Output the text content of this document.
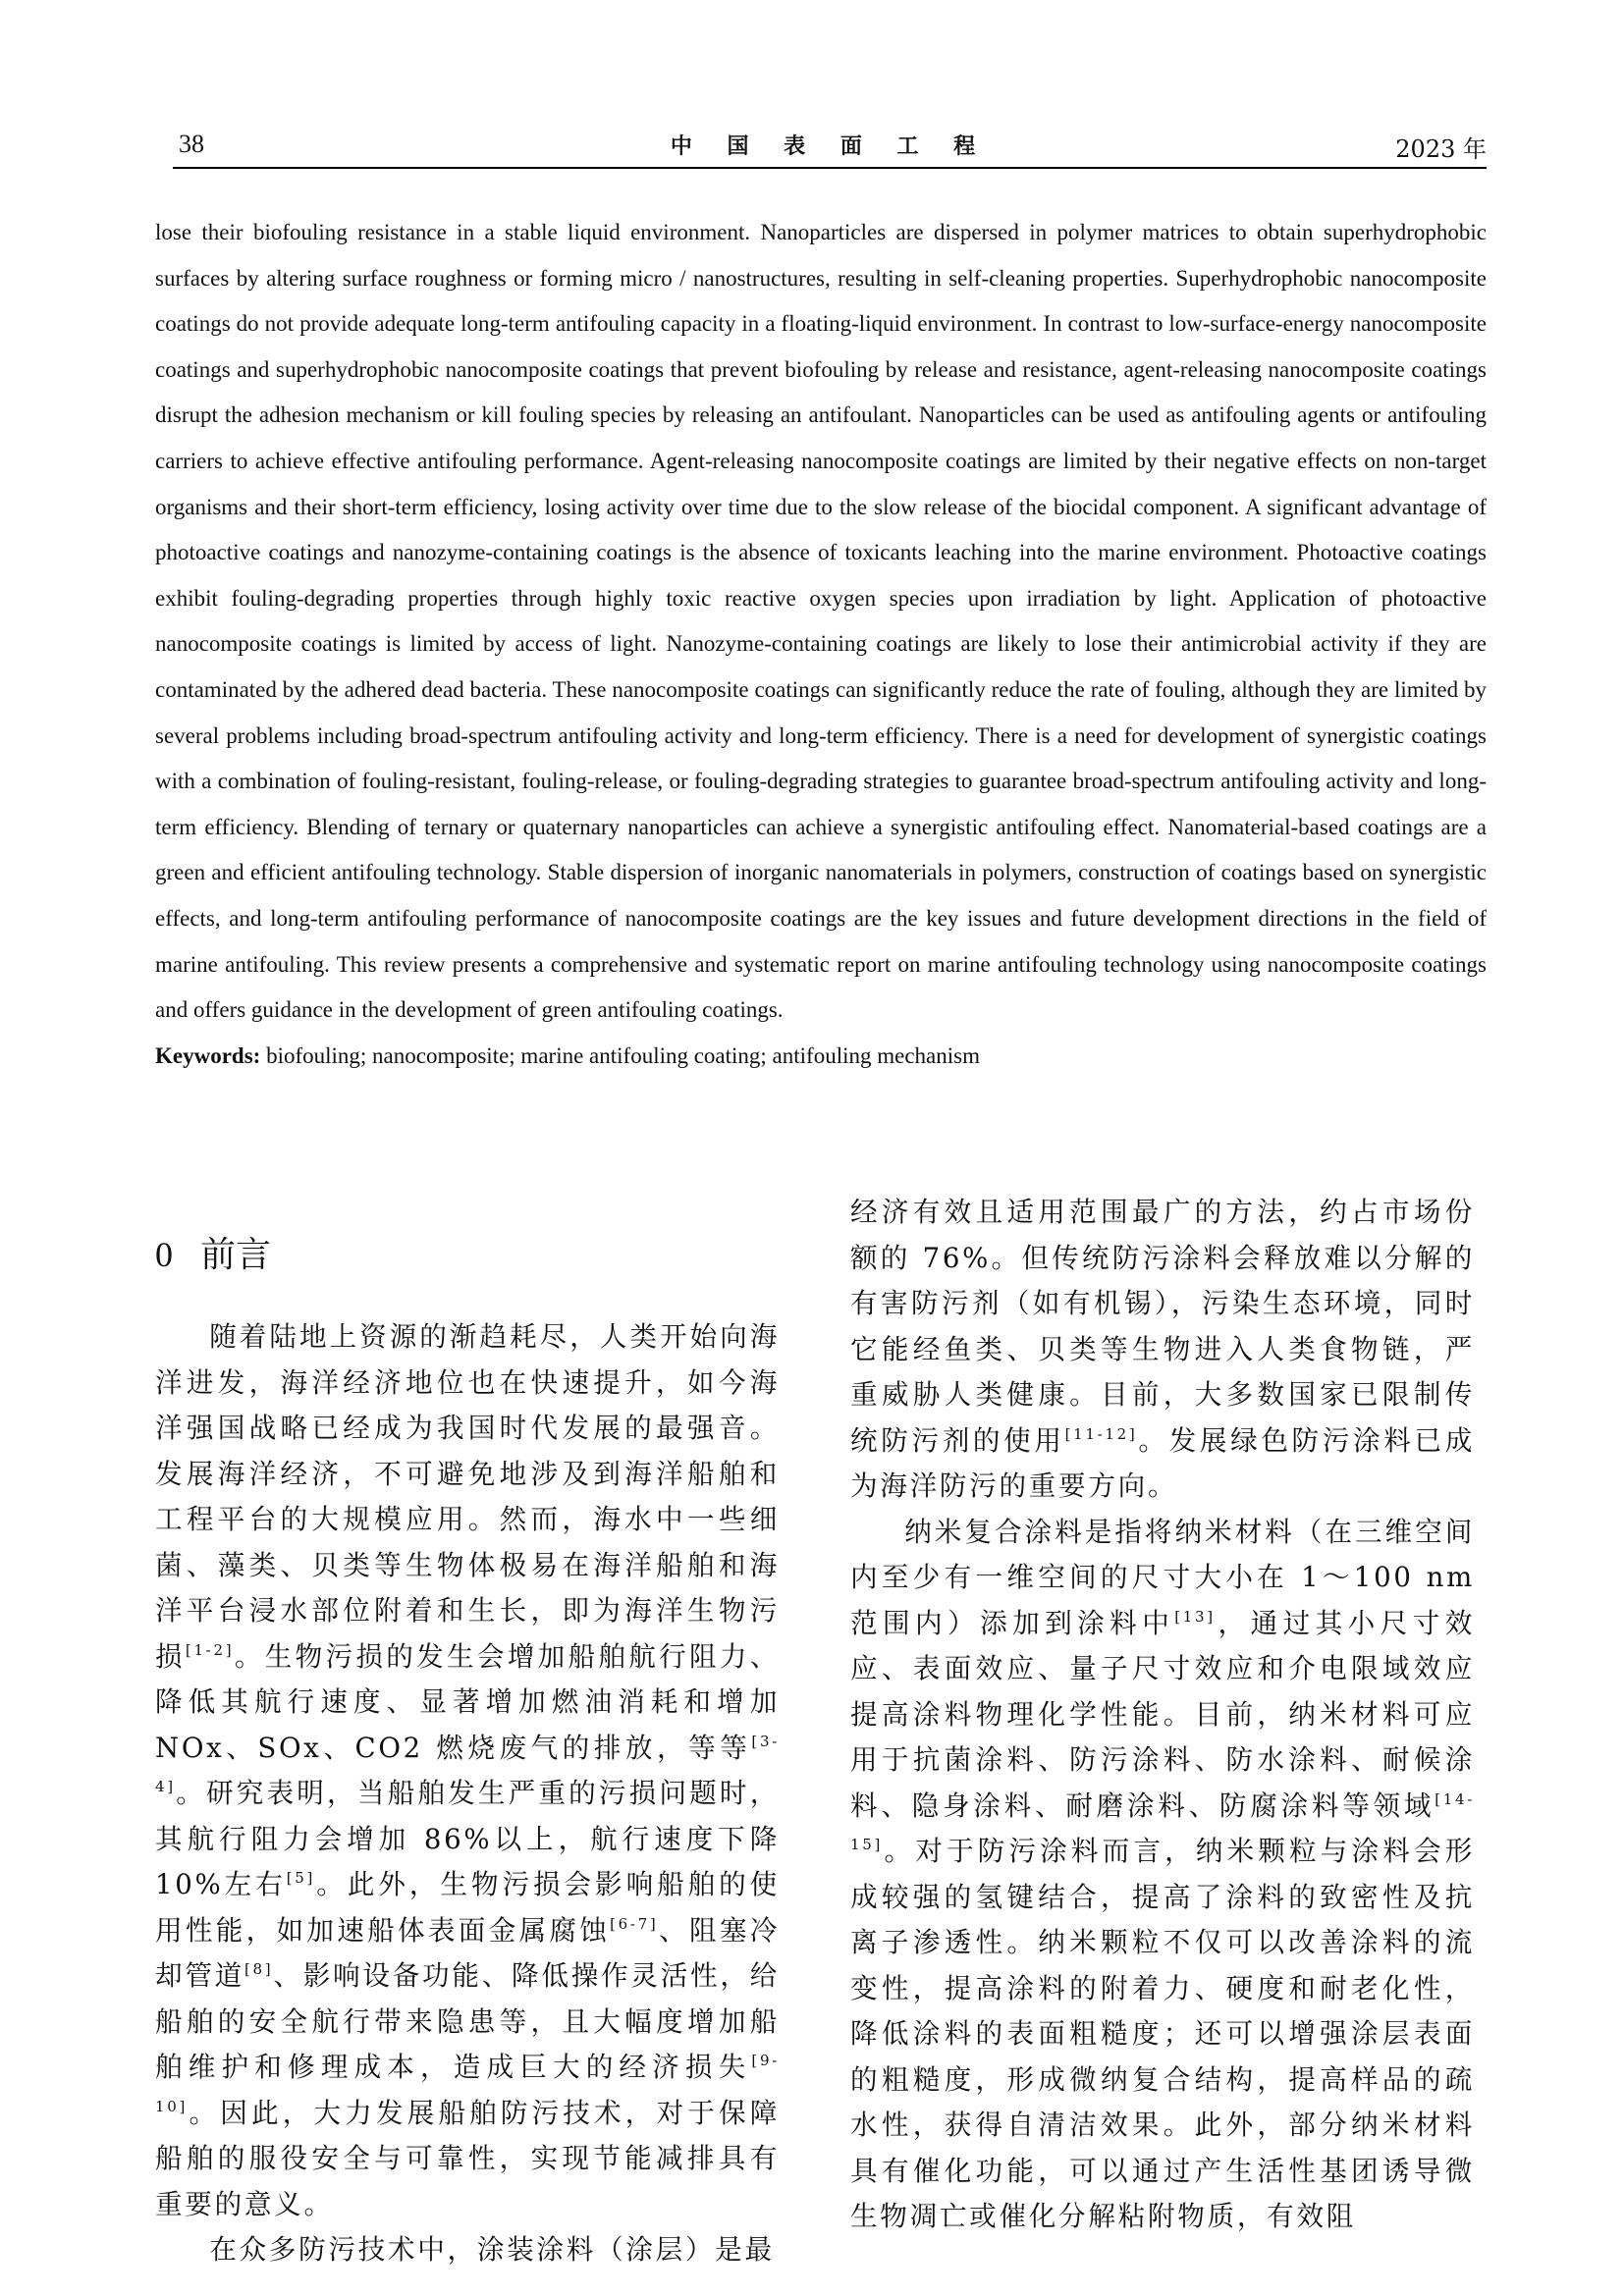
38	中 国 表 面 工 程	2023 年

lose their biofouling resistance in a stable liquid environment. Nanoparticles are dispersed in polymer matrices to obtain superhydrophobic surfaces by altering surface roughness or forming micro / nanostructures, resulting in self-cleaning properties. Superhydrophobic nanocomposite coatings do not provide adequate long-term antifouling capacity in a floating-liquid environment. In contrast to low-surface-energy nanocomposite coatings and superhydrophobic nanocomposite coatings that prevent biofouling by release and resistance, agent-releasing nanocomposite coatings disrupt the adhesion mechanism or kill fouling species by releasing an antifoulant. Nanoparticles can be used as antifouling agents or antifouling carriers to achieve effective antifouling performance. Agent-releasing nanocomposite coatings are limited by their negative effects on non-target organisms and their short-term efficiency, losing activity over time due to the slow release of the biocidal component. A significant advantage of photoactive coatings and nanozyme-containing coatings is the absence of toxicants leaching into the marine environment. Photoactive coatings exhibit fouling-degrading properties through highly toxic reactive oxygen species upon irradiation by light. Application of photoactive nanocomposite coatings is limited by access of light. Nanozyme-containing coatings are likely to lose their antimicrobial activity if they are contaminated by the adhered dead bacteria. These nanocomposite coatings can significantly reduce the rate of fouling, although they are limited by several problems including broad-spectrum antifouling activity and long-term efficiency. There is a need for development of synergistic coatings with a combination of fouling-resistant, fouling-release, or fouling-degrading strategies to guarantee broad-spectrum antifouling activity and long-term efficiency. Blending of ternary or quaternary nanoparticles can achieve a synergistic antifouling effect. Nanomaterial-based coatings are a green and efficient antifouling technology. Stable dispersion of inorganic nanomaterials in polymers, construction of coatings based on synergistic effects, and long-term antifouling performance of nanocomposite coatings are the key issues and future development directions in the field of marine antifouling. This review presents a comprehensive and systematic report on marine antifouling technology using nanocomposite coatings and offers guidance in the development of green antifouling coatings.

Keywords: biofouling; nanocomposite; marine antifouling coating; antifouling mechanism

0 前言

随着陆地上资源的渐趋耗尽，人类开始向海洋进发，海洋经济地位也在快速提升，如今海洋强国战略已经成为我国时代发展的最强音。发展海洋经济，不可避免地涉及到海洋船舶和工程平台的大规模应用。然而，海水中一些细菌、藻类、贝类等生物体极易在海洋船舶和海洋平台浸水部位附着和生长，即为海洋生物污损[1-2]。生物污损的发生会增加船舶航行阻力、降低其航行速度、显著增加燃油消耗和增加 NOx、SOx、CO2 燃烧废气的排放，等等[3-4]。研究表明，当船舶发生严重的污损问题时，其航行阻力会增加 86%以上，航行速度下降 10%左右[5]。此外，生物污损会影响船舶的使用性能，如加速船体表面金属腐蚀[6-7]、阻塞冷却管道[8]、影响设备功能、降低操作灵活性，给船舶的安全航行带来隐患等，且大幅度增加船舶维护和修理成本，造成巨大的经济损失[9-10]。因此，大力发展船舶防污技术，对于保障船舶的服役安全与可靠性，实现节能减排具有重要的意义。

在众多防污技术中，涂装涂料（涂层）是最

经济有效且适用范围最广的方法，约占市场份额的 76%。但传统防污涂料会释放难以分解的有害防污剂（如有机锡），污染生态环境，同时它能经鱼类、贝类等生物进入人类食物链，严重威胁人类健康。目前，大多数国家已限制传统防污剂的使用[11-12]。发展绿色防污涂料已成为海洋防污的重要方向。

纳米复合涂料是指将纳米材料（在三维空间内至少有一维空间的尺寸大小在 1～100 nm 范围内）添加到涂料中[13]，通过其小尺寸效应、表面效应、量子尺寸效应和介电限域效应提高涂料物理化学性能。目前，纳米材料可应用于抗菌涂料、防污涂料、防水涂料、耐候涂料、隐身涂料、耐磨涂料、防腐涂料等领域[14-15]。对于防污涂料而言，纳米颗粒与涂料会形成较强的氢键结合，提高了涂料的致密性及抗离子渗透性。纳米颗粒不仅可以改善涂料的流变性，提高涂料的附着力、硬度和耐老化性，降低涂料的表面粗糙度；还可以增强涂层表面的粗糙度，形成微纳复合结构，提高样品的疏水性，获得自清洁效果。此外，部分纳米材料具有催化功能，可以通过产生活性基团诱导微生物凋亡或催化分解粘附物质，有效阻
